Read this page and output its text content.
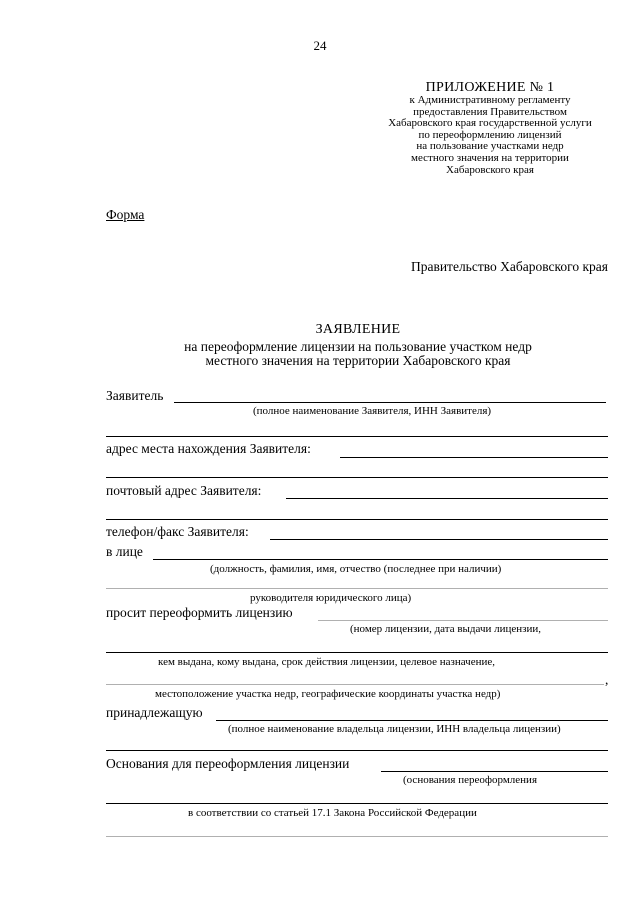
24
ПРИЛОЖЕНИЕ № 1
к Административному регламенту
предоставления Правительством
Хабаровского края государственной услуги
по переоформлению лицензий
на пользование участками недр
местного значения на территории
Хабаровского края
Форма
Правительство Хабаровского края
ЗАЯВЛЕНИЕ
на переоформление лицензии на пользование участком недр
местного значения на территории Хабаровского края
Заявитель
(полное наименование Заявителя, ИНН Заявителя)
адрес места нахождения Заявителя:
почтовый адрес Заявителя:
телефон/факс Заявителя:
в лице
(должность, фамилия, имя, отчество (последнее при наличии)
руководителя юридического лица)
просит переоформить лицензию
(номер лицензии, дата выдачи лицензии,
кем выдана, кому выдана, срок действия лицензии, целевое назначение,
,
местоположение участка недр, географические координаты участка недр)
принадлежащую
(полное наименование владельца лицензии, ИНН владельца лицензии)
Основания для переоформления лицензии
(основания переоформления
в соответствии со статьей 17.1 Закона Российской Федерации
